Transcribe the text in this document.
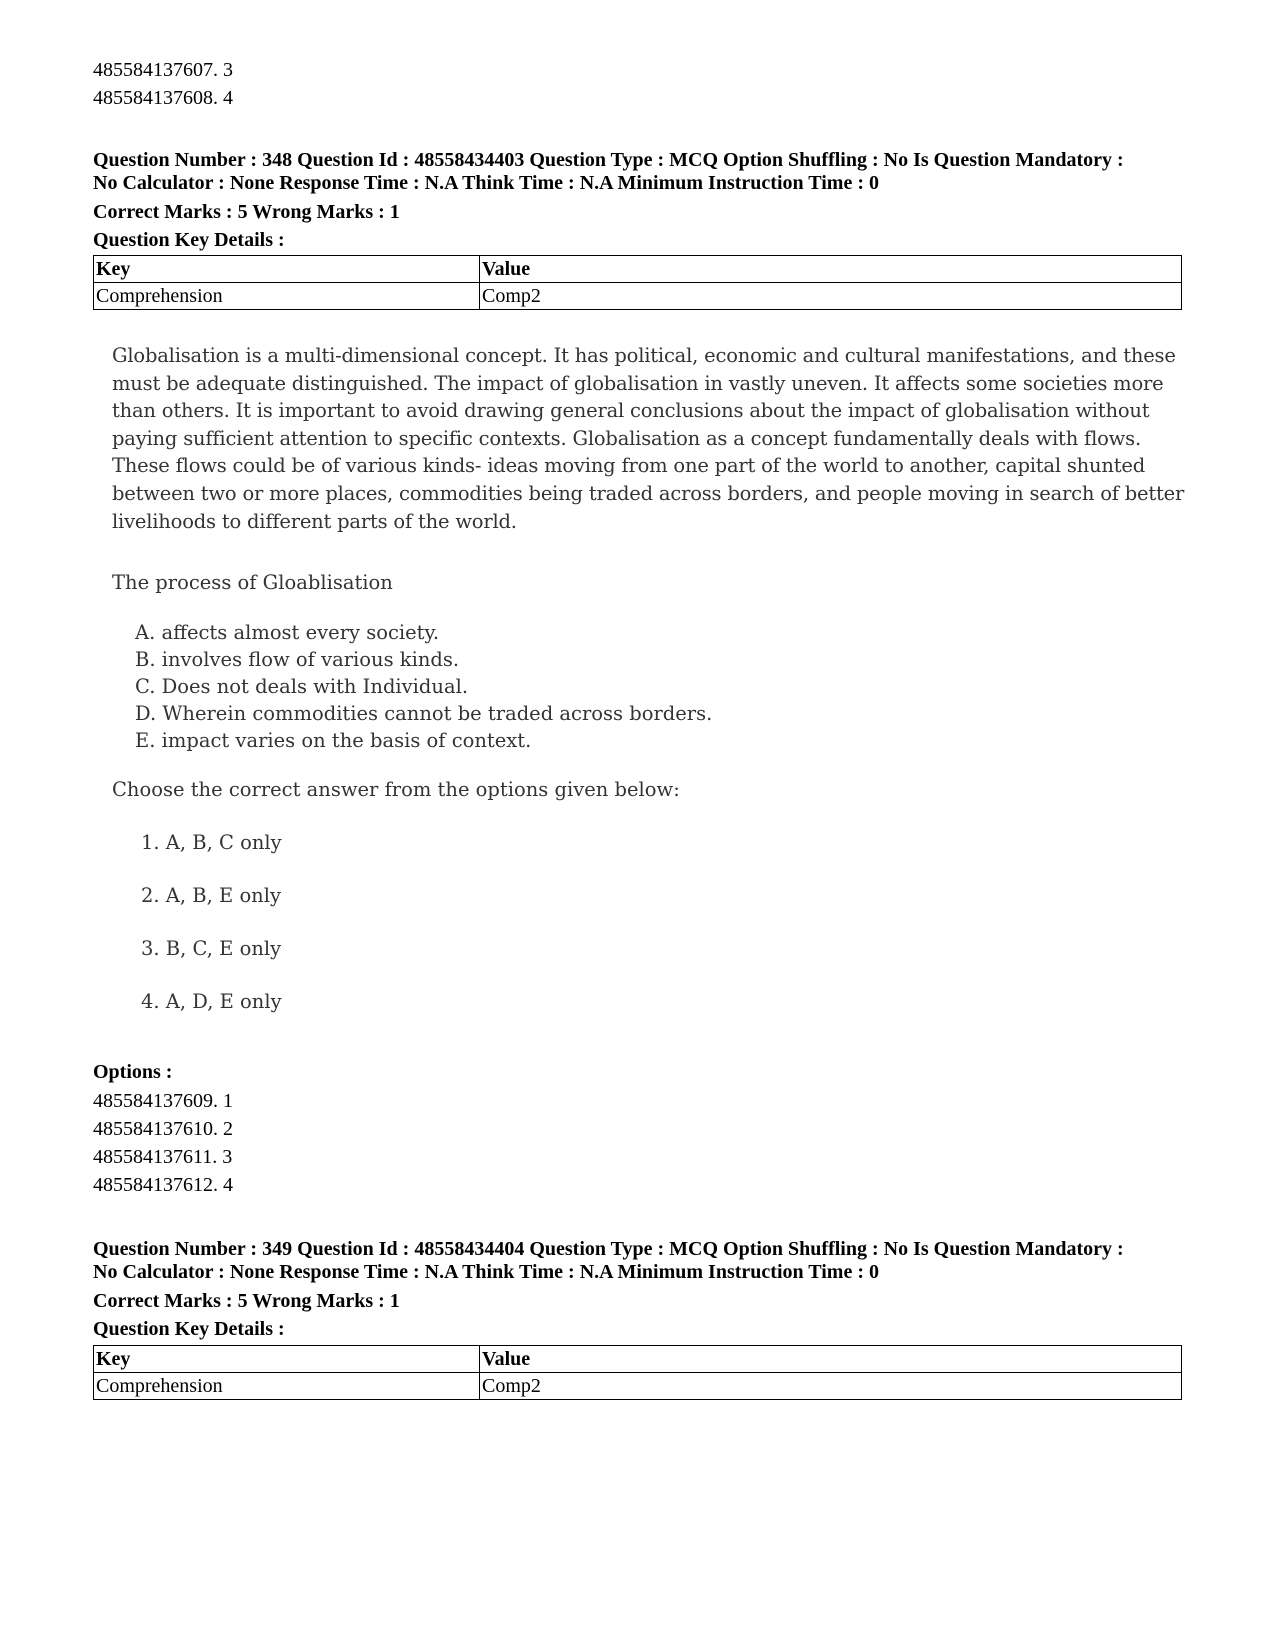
485584137607. 3
485584137608. 4
Question Number : 348 Question Id : 48558434403 Question Type : MCQ Option Shuffling : No Is Question Mandatory :
No Calculator : None Response Time : N.A Think Time : N.A Minimum Instruction Time : 0
Correct Marks : 5 Wrong Marks : 1
Question Key Details :
Key	Value
Comprehension	Comp2
Globalisation is a multi-dimensional concept. It has political, economic and cultural manifestations, and these
must be adequate distinguished. The impact of globalisation in vastly uneven. It affects some societies more
than others. It is important to avoid drawing general conclusions about the impact of globalisation without
paying sufficient attention to specific contexts. Globalisation as a concept fundamentally deals with flows.
These flows could be of various kinds- ideas moving from one part of the world to another, capital shunted
between two or more places, commodities being traded across borders, and people moving in search of better
livelihoods to different parts of the world.
The process of Gloablisation
A. affects almost every society.
B. involves flow of various kinds.
C. Does not deals with Individual.
D. Wherein commodities cannot be traded across borders.
E. impact varies on the basis of context.
Choose the correct answer from the options given below:
1. A, B, C only
2. A, B, E only
3. B, C, E only
4. A, D, E only
Options :
485584137609. 1
485584137610. 2
485584137611. 3
485584137612. 4
Question Number : 349 Question Id : 48558434404 Question Type : MCQ Option Shuffling : No Is Question Mandatory :
No Calculator : None Response Time : N.A Think Time : N.A Minimum Instruction Time : 0
Correct Marks : 5 Wrong Marks : 1
Question Key Details :
Key	Value
Comprehension	Comp2
